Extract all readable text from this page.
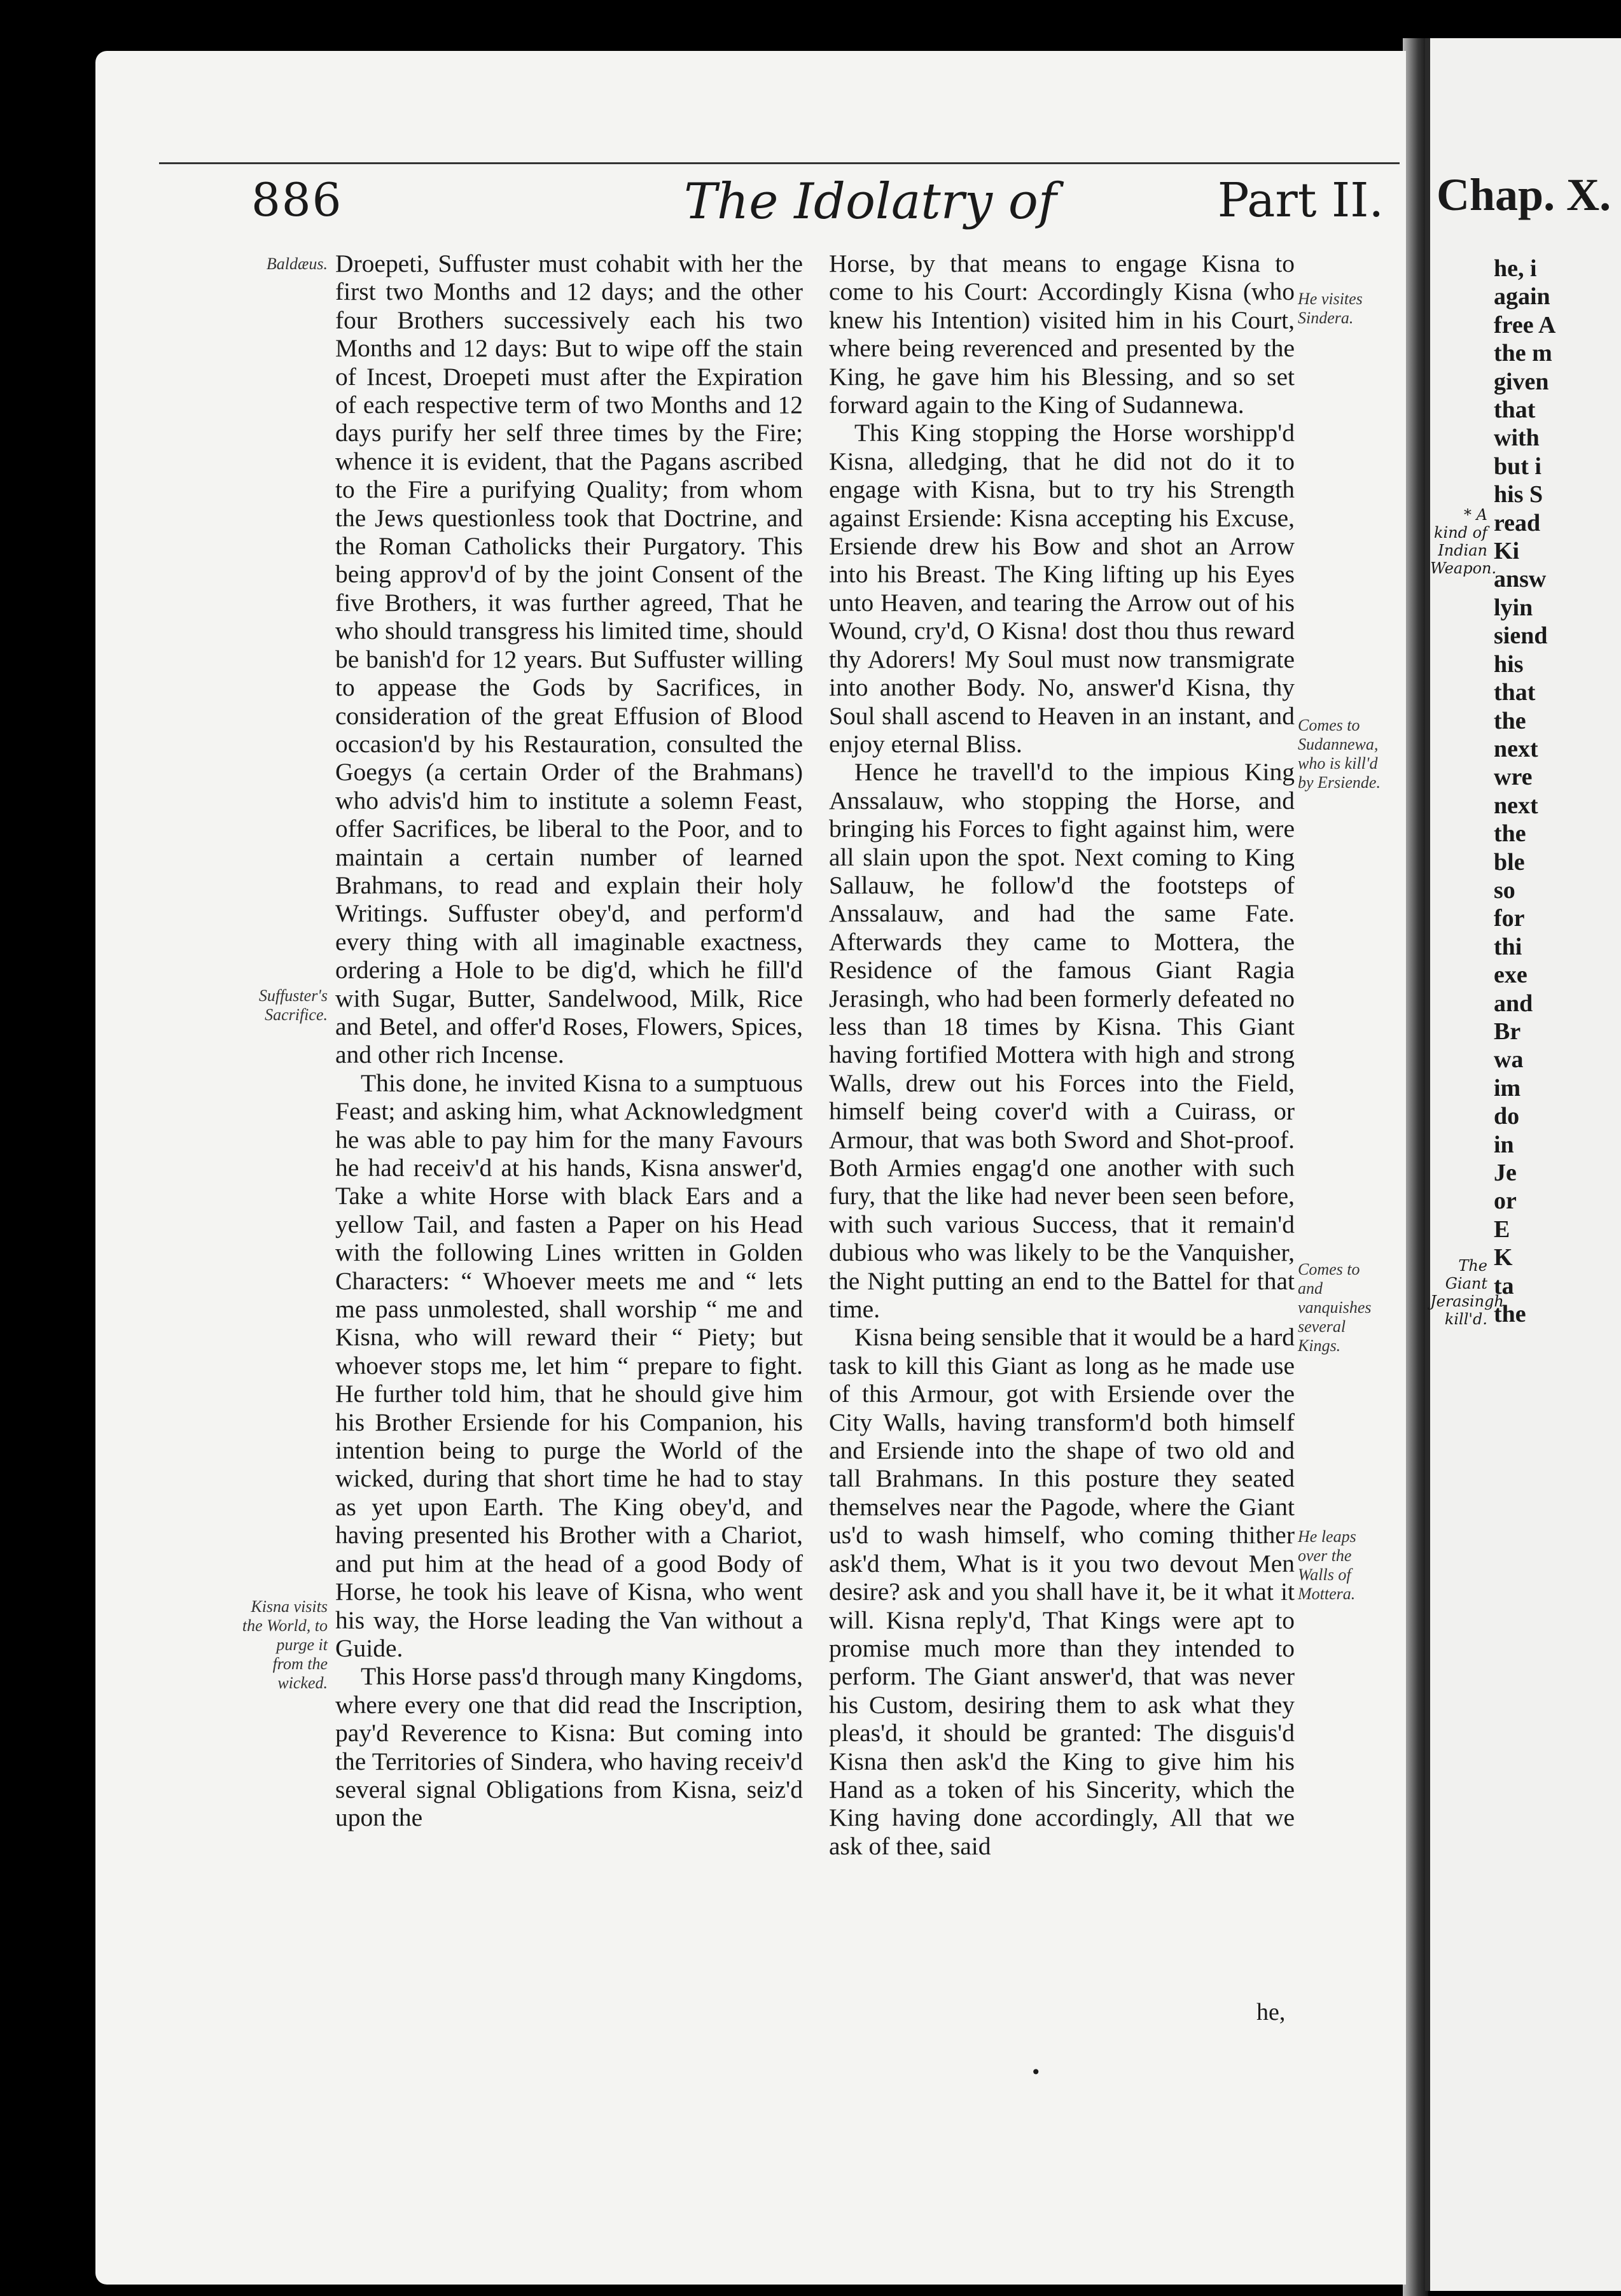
886	The Idolatry of	Part II.
Baldæus.
Suffuster's Sacrifice.
Kisna visits the World, to purge it from the wicked.
He visites Sindera.
Comes to Sudannewa, who is kill'd by Ersiende.
Comes to and vanquishes several Kings.
He leaps over the Walls of Mottera.

Droepeti, Suffuster must cohabit with her the first two Months and 12 days; and the other four Brothers successively each his two Months and 12 days: But to wipe off the stain of Incest, Droepeti must after the Expiration of each respective term of two Months and 12 days purify her self three times by the Fire; whence it is evident, that the Pagans ascribed to the Fire a purifying Quality; from whom the Jews questionless took that Doctrine, and the Roman Catholicks their Purgatory. This being approv'd of by the joint Consent of the five Brothers, it was further agreed, That he who should transgress his limited time, should be banish'd for 12 years. But Suffuster willing to appease the Gods by Sacrifices, in consideration of the great Effusion of Blood occasion'd by his Restauration, consulted the Goegys (a certain Order of the Brahmans) who advis'd him to institute a solemn Feast, offer Sacrifices, be liberal to the Poor, and to maintain a certain number of learned Brahmans, to read and explain their holy Writings. Suffuster obey'd, and perform'd every thing with all imaginable exactness, ordering a Hole to be dig'd, which he fill'd with Sugar, Butter, Sandelwood, Milk, Rice and Betel, and offer'd Roses, Flowers, Spices, and other rich Incense.

This done, he invited Kisna to a sumptuous Feast; and asking him, what Acknowledgment he was able to pay him for the many Favours he had receiv'd at his hands, Kisna answer'd, Take a white Horse with black Ears and a yellow Tail, and fasten a Paper on his Head with the following Lines written in Golden Characters: “ Whoever meets me and “ lets me pass unmolested, shall worship “ me and Kisna, who will reward their “ Piety; but whoever stops me, let him “ prepare to fight. He further told him, that he should give him his Brother Ersiende for his Companion, his intention being to purge the World of the wicked, during that short time he had to stay as yet upon Earth. The King obey'd, and having presented his Brother with a Chariot, and put him at the head of a good Body of Horse, he took his leave of Kisna, who went his way, the Horse leading the Van without a Guide.

This Horse pass'd through many Kingdoms, where every one that did read the Inscription, pay'd Reverence to Kisna: But coming into the Territories of Sindera, who having receiv'd several signal Obligations from Kisna, seiz'd upon the

Horse, by that means to engage Kisna to come to his Court: Accordingly Kisna (who knew his Intention) visited him in his Court, where being reverenced and presented by the King, he gave him his Blessing, and so set forward again to the King of Sudannewa.

This King stopping the Horse worshipp'd Kisna, alledging, that he did not do it to engage with Kisna, but to try his Strength against Ersiende: Kisna accepting his Excuse, Ersiende drew his Bow and shot an Arrow into his Breast. The King lifting up his Eyes unto Heaven, and tearing the Arrow out of his Wound, cry'd, O Kisna! dost thou thus reward thy Adorers! My Soul must now transmigrate into another Body. No, answer'd Kisna, thy Soul shall ascend to Heaven in an instant, and enjoy eternal Bliss.

Hence he travell'd to the impious King Anssalauw, who stopping the Horse, and bringing his Forces to fight against him, were all slain upon the spot. Next coming to King Sallauw, he follow'd the footsteps of Anssalauw, and had the same Fate. Afterwards they came to Mottera, the Residence of the famous Giant Ragia Jerasingh, who had been formerly defeated no less than 18 times by Kisna. This Giant having fortified Mottera with high and strong Walls, drew out his Forces into the Field, himself being cover'd with a Cuirass, or Armour, that was both Sword and Shot-proof. Both Armies engag'd one another with such fury, that the like had never been seen before, with such various Success, that it remain'd dubious who was likely to be the Vanquisher, the Night putting an end to the Battel for that time.

Kisna being sensible that it would be a hard task to kill this Giant as long as he made use of this Armour, got with Ersiende over the City Walls, having transform'd both himself and Ersiende into the shape of two old and tall Brahmans. In this posture they seated themselves near the Pagode, where the Giant us'd to wash himself, who coming thither ask'd them, What is it you two devout Men desire? ask and you shall have it, be it what it will. Kisna reply'd, That Kings were apt to promise much more than they intended to perform. The Giant answer'd, that was never his Custom, desiring them to ask what they pleas'd, it should be granted: The disguis'd Kisna then ask'd the King to give him his Hand as a token of his Sincerity, which the King having done accordingly, All that we ask of thee, said

he,
•
Chap. X.
* A kind of Indian Weapon.
The Giant Jerasingh kill'd.
he, i
again
free A
the m
given
that
with
but i
his S
read
Ki
answ
lyin
siend
his
that
the
next
wre
next
the
ble
so
for
thi
exe
and
Br
wa
im
do
in
Je
or
E
K
ta
the
